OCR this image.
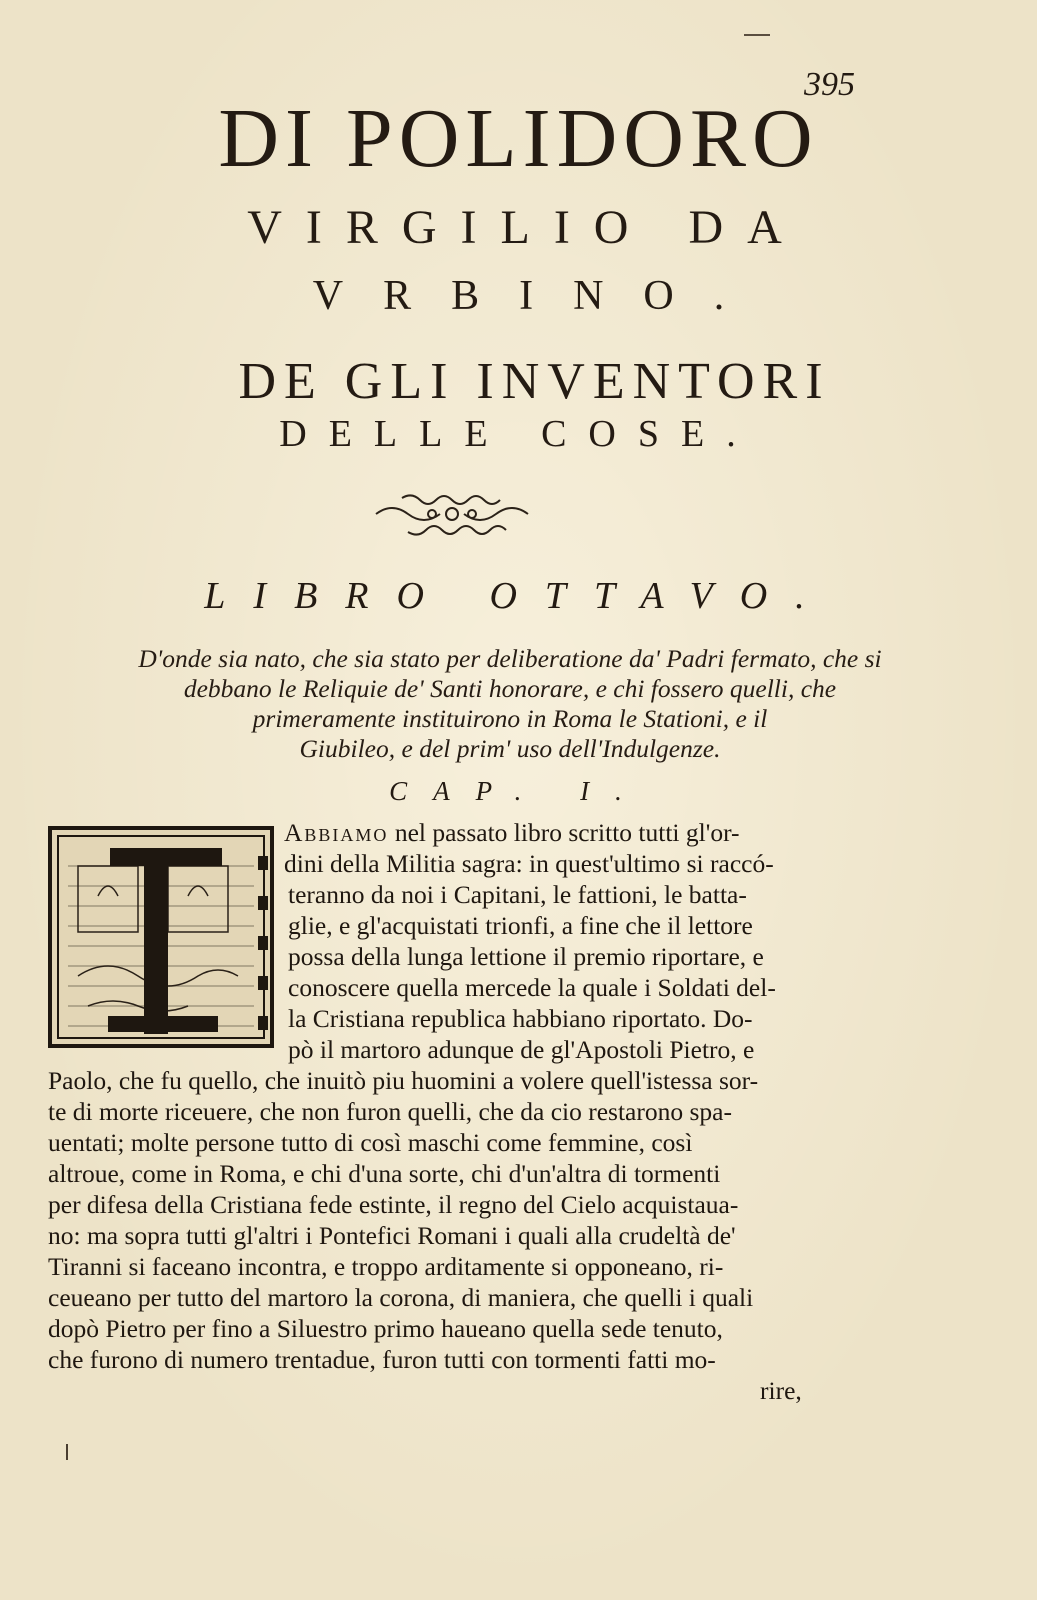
395
DI POLIDORO
VIRGILIO DA
VRBINO.
DE GLI INVENTORI
DELLE COSE.
LIBRO OTTAVO.
D'onde sia nato, che sia stato per deliberatione da' Padri fermato, che si
debbano le Reliquie de' Santi honorare, e chi fossero quelli, che
primeramente instituirono in Roma le Stationi, e il
Giubileo, e del prim' uso dell'Indulgenze.
CAP. I.
Abbiamo nel passato libro scritto tutti gl'or-
dini della Militia sagra: in quest'ultimo si raccó-
teranno da noi i Capitani, le fattioni, le batta-
glie, e gl'acquistati trionfi, a fine che il lettore
possa della lunga lettione il premio riportare, e
conoscere quella mercede la quale i Soldati del-
la Cristiana republica habbiano riportato. Do-
pò il martoro adunque de gl'Apostoli Pietro, e
Paolo, che fu quello, che inuitò piu huomini a volere quell'istessa sor-
te di morte riceuere, che non furon quelli, che da cio restarono spa-
uentati; molte persone tutto di così maschi come femmine, così
altroue, come in Roma, e chi d'una sorte, chi d'un'altra di tormenti
per difesa della Cristiana fede estinte, il regno del Cielo acquistaua-
no: ma sopra tutti gl'altri i Pontefici Romani i quali alla crudeltà de'
Tiranni si faceano incontra, e troppo arditamente si opponeano, ri-
ceueano per tutto del martoro la corona, di maniera, che quelli i quali
dopò Pietro per fino a Siluestro primo haueano quella sede tenuto,
che furono di numero trentadue, furon tutti con tormenti fatti mo-
rire,
